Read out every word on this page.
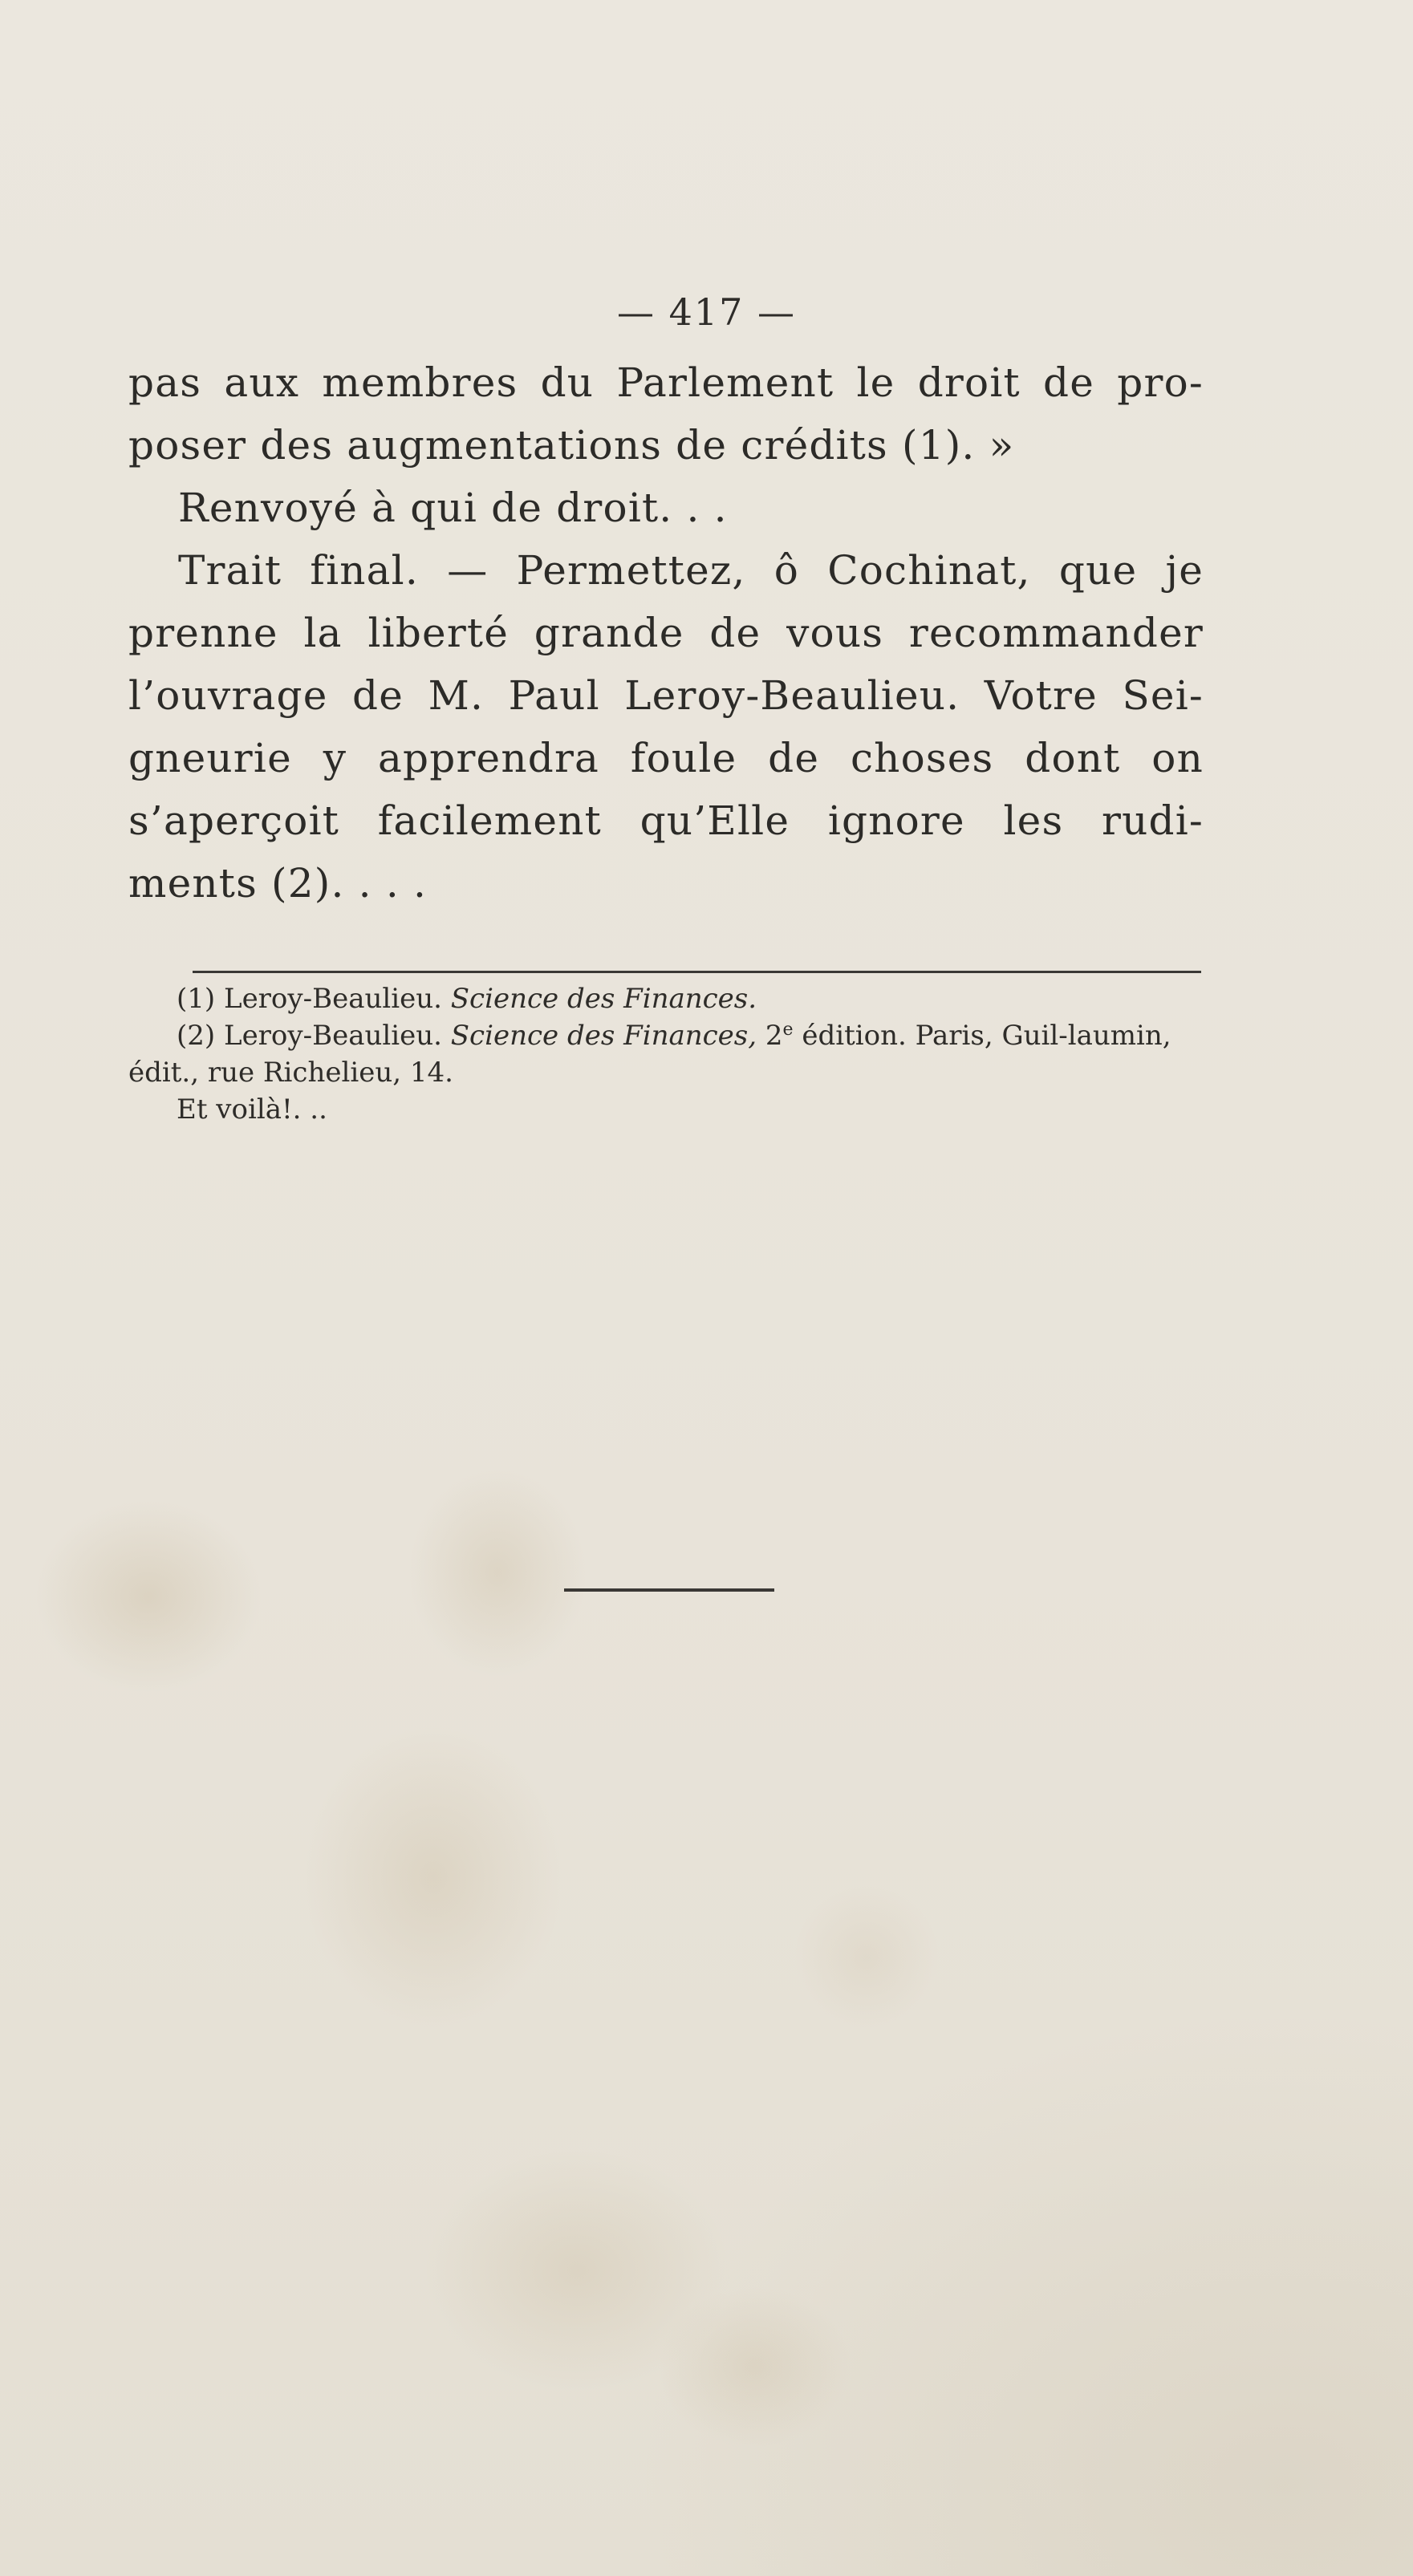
— 417 —

pas aux membres du Parlement le droit de pro-poser des augmentations de crédits (1). »

Renvoyé à qui de droit. . .

Trait final. — Permettez, ô Cochinat, que je prenne la liberté grande de vous recommander l’ouvrage de M. Paul Leroy-Beaulieu. Votre Sei-gneurie y apprendra foule de choses dont on s’aperçoit facilement qu’Elle ignore les rudi-ments (2). . . .

(1) Leroy-Beaulieu. Science des Finances.

(2) Leroy-Beaulieu. Science des Finances, 2e édition. Paris, Guil-laumin, édit., rue Richelieu, 14.

Et voilà!. ..
